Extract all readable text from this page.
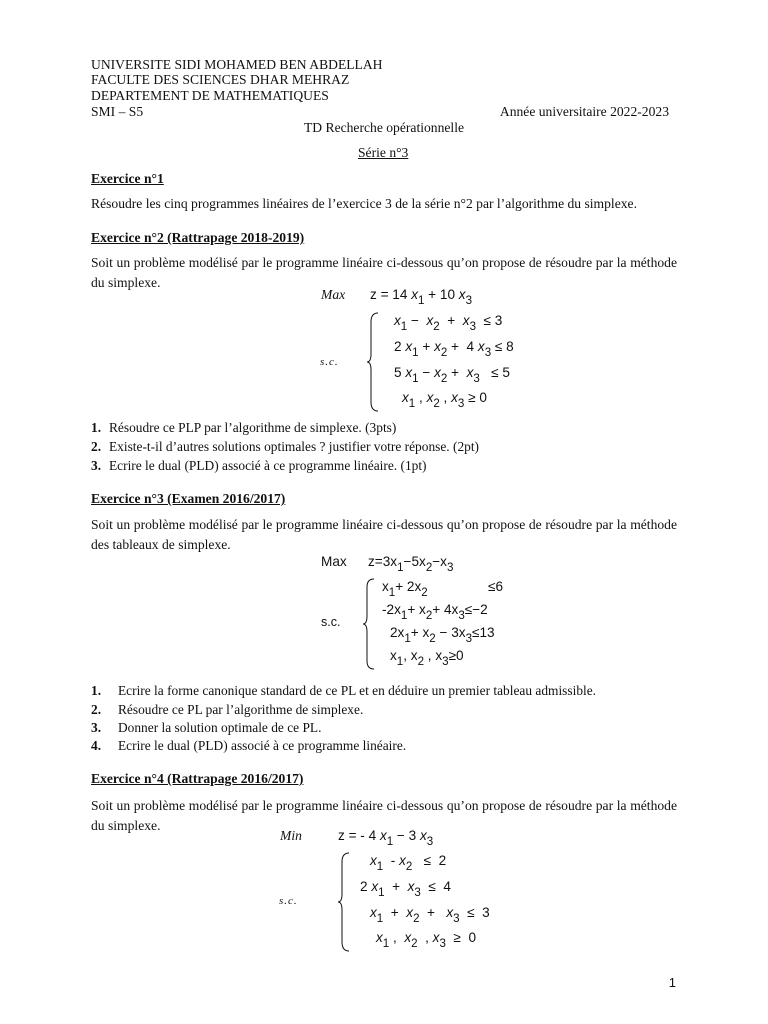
UNIVERSITE SIDI MOHAMED BEN ABDELLAH
FACULTE DES SCIENCES DHAR MEHRAZ
DEPARTEMENT DE MATHEMATIQUES
SMI – S5	Année universitaire 2022-2023
TD Recherche opérationnelle
Série n°3
Exercice n°1
Résoudre les cinq programmes linéaires de l’exercice 3 de la série n°2 par l’algorithme du simplexe.
Exercice n°2 (Rattrapage 2018-2019)
Soit un problème modélisé par le programme linéaire ci-dessous qu’on propose de résoudre par la méthode du simplexe.
Max z = 14 $x_1 + 10$ $x_3$
s.c.
$x_1 - x_2 + x_3 \le 3$
2 $x_1 + x_2 + 4$ $x_3 \le 8$
5 $x_1 - x_2 + x_3 \le 5$
$x_1$ , $x_2$ , $x_3 \ge 0$
1. Résoudre ce PLP par l’algorithme de simplexe. (3pts)
2. Existe-t-il d’autres solutions optimales ? justifier votre réponse. (2pt)
3. Ecrire le dual (PLD) associé à ce programme linéaire. (1pt)
Exercice n°3 (Examen 2016/2017)
Soit un problème modélisé par le programme linéaire ci-dessous qu’on propose de résoudre par la méthode des tableaux de simplexe.
Max $z=3x_1-5x_2-x_3$
s.c.
$x_1+ 2x_2$	≤6
$-2x_1+ x_2+ 4x_3\le-2$
$2x_1+ x_2 - 3x_3\le 13$
$x_1$, $x_2$ , $x_3\ge 0$
1. Ecrire la forme canonique standard de ce PL et en déduire un premier tableau admissible.
2. Résoudre ce PL par l’algorithme de simplexe.
3. Donner la solution optimale de ce PL.
4. Ecrire le dual (PLD) associé à ce programme linéaire.
Exercice n°4 (Rattrapage 2016/2017)
Soit un problème modélisé par le programme linéaire ci-dessous qu’on propose de résoudre par la méthode du simplexe.
Min	z = - 4 $x_1 - 3$ $x_3$
s.c.
$x_1 - x_2 \le 2$
2 $x_1 + x_3 \le 4$
$x_1 + x_2 + x_3 \le 3$
$x_1$ ,  $x_2$  , $x_3 \ge 0$
1
